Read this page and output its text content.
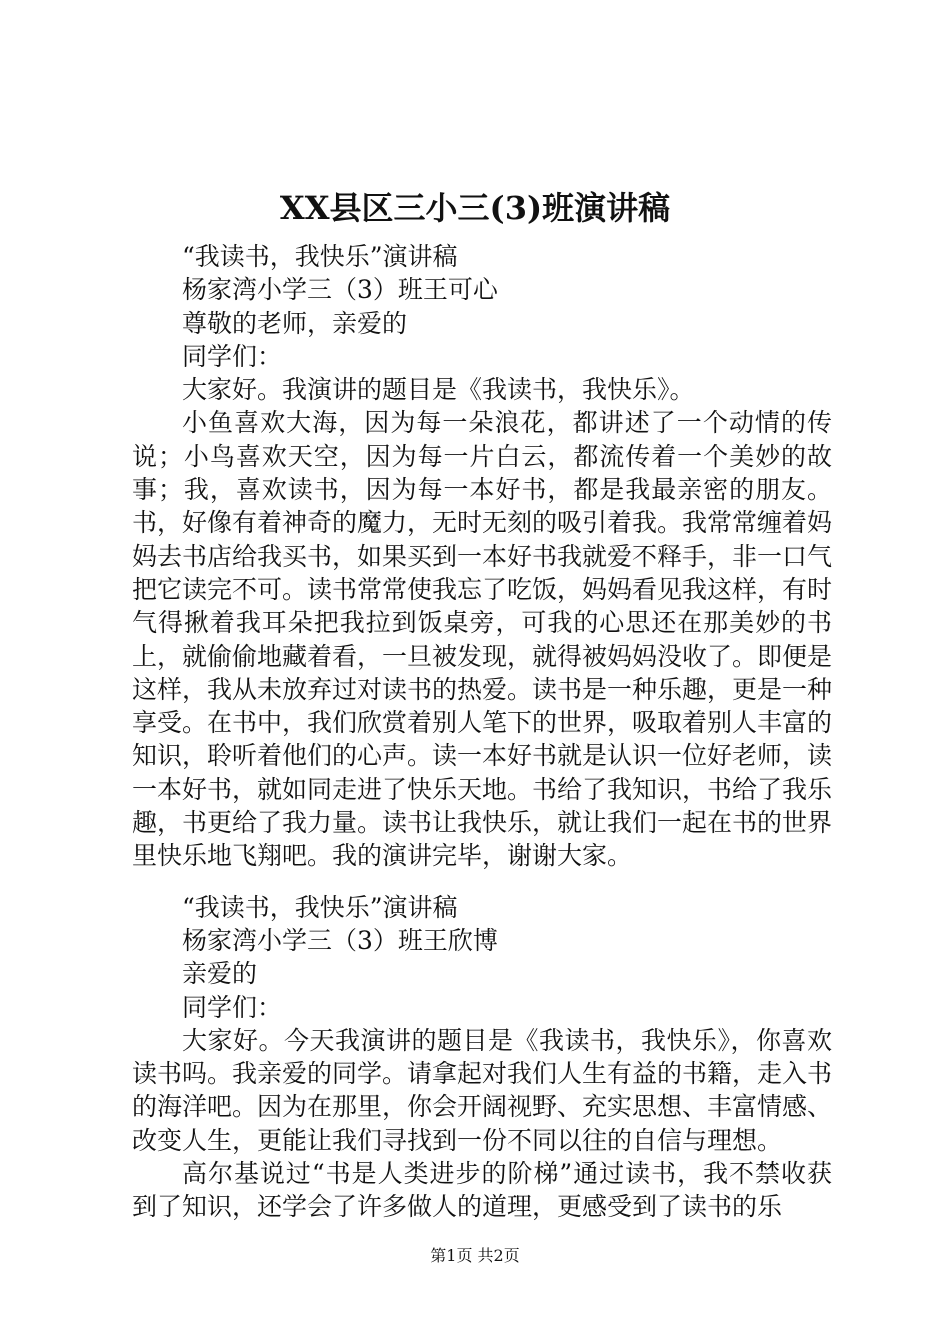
XX县区三小三(3)班演讲稿
“我读书，我快乐”演讲稿
杨家湾小学三（3）班王可心
尊敬的老师，亲爱的
同学们：
大家好。我演讲的题目是《我读书，我快乐》。
小鱼喜欢大海，因为每一朵浪花，都讲述了一个动情的传说；小鸟喜欢天空，因为每一片白云，都流传着一个美妙的故事；我，喜欢读书，因为每一本好书，都是我最亲密的朋友。书，好像有着神奇的魔力，无时无刻的吸引着我。我常常缠着妈妈去书店给我买书，如果买到一本好书我就爱不释手，非一口气把它读完不可。读书常常使我忘了吃饭，妈妈看见我这样，有时气得揪着我耳朵把我拉到饭桌旁，可我的心思还在那美妙的书上，就偷偷地藏着看，一旦被发现，就得被妈妈没收了。即便是这样，我从未放弃过对读书的热爱。读书是一种乐趣，更是一种享受。在书中，我们欣赏着别人笔下的世界，吸取着别人丰富的知识，聆听着他们的心声。读一本好书就是认识一位好老师，读一本好书，就如同走进了快乐天地。书给了我知识，书给了我乐趣，书更给了我力量。读书让我快乐，就让我们一起在书的世界里快乐地飞翔吧。我的演讲完毕，谢谢大家。
“我读书，我快乐”演讲稿
杨家湾小学三（3）班王欣博
亲爱的
同学们：
大家好。今天我演讲的题目是《我读书，我快乐》，你喜欢读书吗。我亲爱的同学。请拿起对我们人生有益的书籍，走入书的海洋吧。因为在那里，你会开阔视野、充实思想、丰富情感、改变人生，更能让我们寻找到一份不同以往的自信与理想。
高尔基说过“书是人类进步的阶梯”通过读书，我不禁收获到了知识，还学会了许多做人的道理，更感受到了读书的乐
第1页 共2页
